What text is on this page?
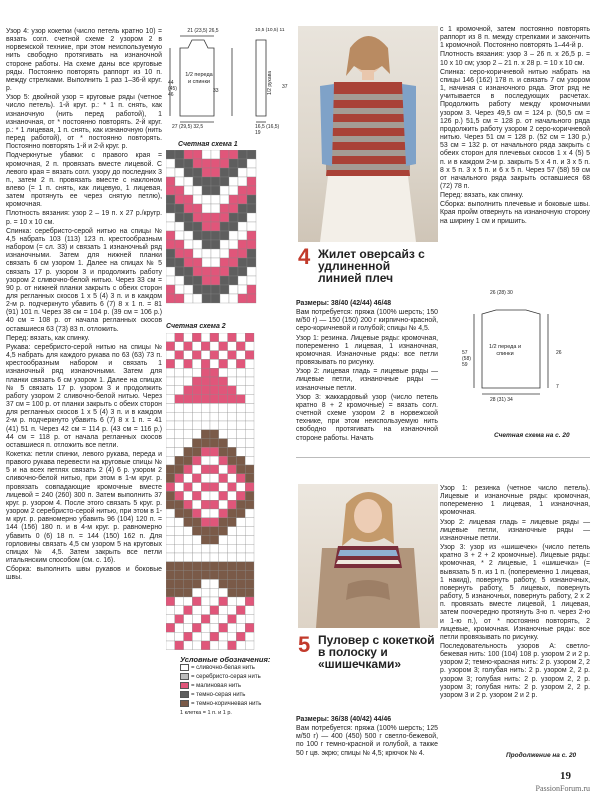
Узор 4: узор кокетки (число петель кратно 10) = вязать согл. счетной схеме 2 узором 2 в норвежской технике, при этом неиспользуемую нить свободно протягивать на изнаночной стороне работы. На схеме даны все круговые ряды. Постоянно повторять раппорт из 10 п. между стрелками. Выполнить 1 раз 1–36-й круг. р.

Узор 5: двойной узор = круговые ряды (четное число петель). 1-й круг. р.: * 1 п. снять, как изнаночную (нить перед работой), 1 изнаночная, от * постоянно повторять. 2-й круг. р.: * 1 лицевая, 1 п. снять, как изнаночную (нить перед работой), от * постоянно повторять. Постоянно повторять 1-й и 2-й круг. р.

Подчеркнутые убавки: с правого края = кромочная, 2 п. провязать вместе лицевой. С левого края = вязать согл. узору до последних 3 п., затем 2 п. провязать вместе с наклоном влево (= 1 п. снять, как лицевую, 1 лицевая, затем протянуть ее через снятую петлю), кромочная.

Плотность вязания: узор 2 – 19 п. x 27 р./кругр. р. = 10 x 10 см.

Спинка: серебристо-серой нитью на спицы № 4,5 набрать 103 (113) 123 п. крестообразным набором (= сл. 33) и связать 1 изнаночный ряд изнаночными. Затем для нижней планки связать 6 см узором 1. Далее на спицах № 5 связать 17 р. узором 3 и продолжить работу узором 2 сливочно-белой нитью. Через 33 см = 90 р. от нижней планки закрыть с обеих сторон для регланных скосов 1 x 5 (4) 3 п. и в каждом 2-м р. подчеркнуто убавить 6 (7) 8 x 1 п. = 81 (91) 101 п. Через 38 см = 104 р. (39 см = 106 р.) 40 см = 108 р. от начала регланных скосов оставшиеся 63 (73) 83 п. отложить.

Перед: вязать, как спинку.

Рукава: серебристо-серой нитью на спицы № 4,5 набрать для каждого рукава по 63 (63) 73 п. крестообразным набором и связать 1 изнаночный ряд изнаночными. Затем для планки связать 6 см узором 1. Далее на спицах № 5 связать 17 р. узором 3 и продолжить работу узором 2 сливочно-белой нитью. Через 37 см = 100 р. от планки закрыть с обеих сторон для регланных скосов 1 x 5 (4) 3 п. и в каждом 2-м р. подчеркнуто убавить 6 (7) 8 x 1 п. = 41 (41) 51 п. Через 42 см = 114 р. (43 см = 116 р.) 44 см = 118 р. от начала регланных скосов оставшиеся п. отложить все петли.

Кокетка: петли спинки, левого рукава, переда и правого рукава перевести на круговые спицы № 5 и на всех петлях связать 2 (4) 6 р. узором 2 сливочно-белой нитью, при этом в 1-м круг. р. провязать совпадающие кромочные вместе лицевой = 240 (260) 300 п. Затем выполнить 37 круг. р. узором 4. После этого связать 5 круг. р. узором 2 серебристо-серой нитью, при этом в 1-м круг. р. равномерно убавить 96 (104) 120 п. = 144 (156) 180 п. и в 4-м круг. р. равномерно убавить 0 (6) 18 п. = 144 (150) 162 п. Для горловины связать 4,5 см узором 5 на круговых спицах № 4,5. Затем закрыть все петли итальянским способом (см. с. 16).

Сборка: выполнить швы рукавов и боковые швы.

21 (23,5) 26,5
44 (45) 46
1/2 переда и спинки
33
27 (29,5) 32,5
10,5 (10,5) 11
1/2 рукава 37
16,5 (16,5) 19
Счетная схема 1
Счетная схема 2
Условные обозначения:
= сливочно-белая нить
= серебристо-серая нить
= малиновая нить
= темно-серая нить
= темно-коричневая нить
1 клетка = 1 п. и 1 р.
4 Жилет оверсайз с удлиненной линией плеч

Размеры: 38/40 (42/44) 46/48

Вам потребуется: пряжа (100% шерсть; 150 м/50 г) — 150 (150) 200 г кирпично-красной, серо-коричневой и голубой; спицы № 4,5.

Узор 1: резинка. Лицевые ряды: кромочная, попеременно 1 лицевая, 1 изнаночная, кромочная. Изнаночные ряды: все петли провязывать по рисунку.

Узор 2: лицевая гладь = лицевые ряды — лицевые петли, изнаночные ряды — изнаночные петли.

Узор 3: жаккардовый узор (число петель кратно 8 + 2 кромочные) = вязать согл. счетной схеме узором 2 в норвежской технике, при этом неиспользуемую нить свободно протягивать на изнаночной стороне работы. Начать

с 1 кромочной, затем постоянно повторять раппорт из 8 п. между стрелками и закончить 1 кромочной. Постоянно повторять 1–44-й р.

Плотность вязания: узор 3 – 26 п. x 26,5 р. = 10 x 10 см; узор 2 – 21 п. x 28 р. = 10 x 10 см.

Спинка: серо-коричневой нитью набрать на спицы 146 (162) 178 п. и связать 7 см узором 1, начиная с изнаночного ряда. Этот ряд не учитывается в последующих расчетах. Продолжить работу между кромочными узором 3. Через 49,5 см = 124 р. (50,5 см = 126 р.) 51,5 см = 128 р. от начального ряда продолжить работу узором 2 серо-коричневой нитью. Через 51 см = 128 р. (52 см = 130 р.) 53 см = 132 р. от начального ряда закрыть с обеих сторон для плечевых скосов 1 x 4 (5) 5 п. и в каждом 2-м р. закрыть 5 x 4 п. и 3 x 5 п. 8 x 5 п. 3 x 5 п. и 6 x 5 п. Через 57 (58) 59 см от начального ряда закрыть оставшиеся 68 (72) 78 п.

Перед: вязать, как спинку.

Сборка: выполнить плечевые и боковые швы. Края пройм отвернуть на изнаночную сторону на ширину 1 см и пришить.

26 (28) 30
1/2 переда и спинки
57 (58) 59
26
7
28 (31) 34
Счетная схема на с. 20
5 Пуловер с кокеткой в полоску и «шишечками»

Размеры: 36/38 (40/42) 44/46

Вам потребуется: пряжа (100% шерсть; 125 м/50 г) — 400 (450) 500 г светло-бежевой, по 100 г темно-красной и голубой, а также 50 г цв. экрю; спицы № 4,5; крючок № 4.

Узор 1: резинка (четное число петель). Лицевые и изнаночные ряды: кромочная, попеременно 1 лицевая, 1 изнаночная, кромочная.

Узор 2: лицевая гладь = лицевые ряды — лицевые петли, изнаночные ряды — изнаночные петли.

Узор 3: узор из «шишечек» (число петель кратно 3 + 2 + 2 кромочные). Лицевые ряды: кромочная, * 2 лицевые, 1 «шишечка» (= вывязать 5 п. из 1 п. (попеременно 1 лицевая, 1 накид), повернуть работу, 5 изнаночных, повернуть работу, 5 лицевых, повернуть работу, 5 изнаночных, повернуть работу, 2 x 2 п. провязать вместе лицевой, 1 лицевая, затем поочередно протянуть 3-ю п. через 2-ю и 1-ю п.), от * постоянно повторять, 2 лицевые, кромочная. Изнаночные ряды: все петли провязывать по рисунку.

Последовательность узоров А: светло-бежевая нить: 100 (104) 108 р. узором 2 и 2 р. узором 2; темно-красная нить: 2 р. узором 2, 2 р. узором 3; голубая нить: 2 р. узором 2, 2 р. узором 3; голубая нить: 2 р. узором 2, 2 р. узором 3; голубая нить: 2 р. узором 2, 2 р. узором 3 и 2 р. узором 2 и 2 р.

Продолжение на с. 20
19
PassionForum.ru
